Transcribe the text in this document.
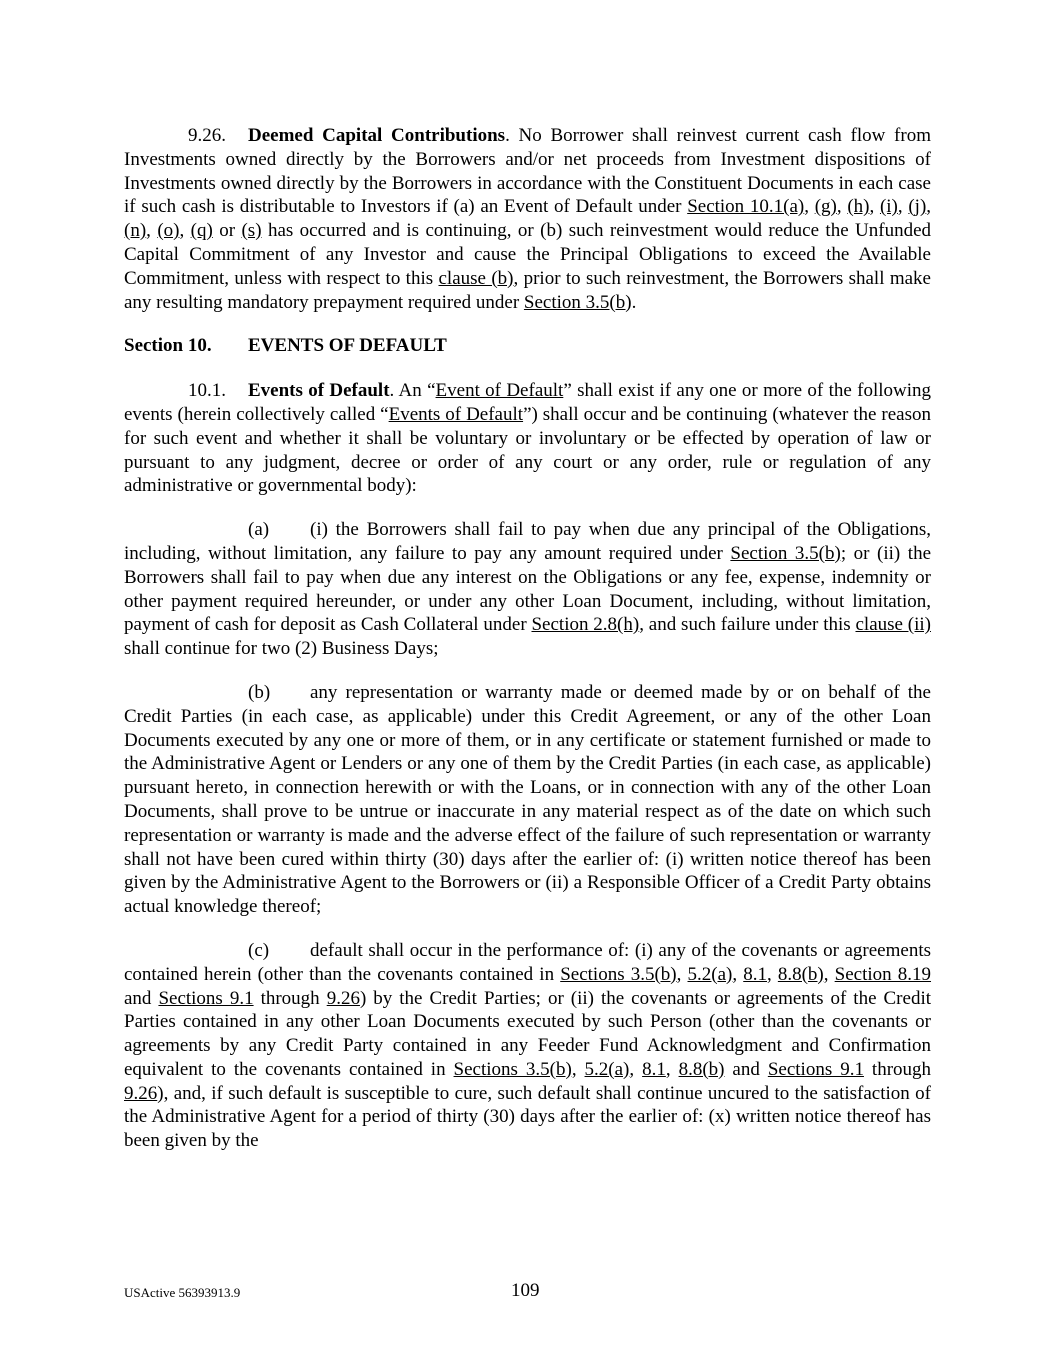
9.26. Deemed Capital Contributions. No Borrower shall reinvest current cash flow from Investments owned directly by the Borrowers and/or net proceeds from Investment dispositions of Investments owned directly by the Borrowers in accordance with the Constituent Documents in each case if such cash is distributable to Investors if (a) an Event of Default under Section 10.1(a), (g), (h), (i), (j), (n), (o), (q) or (s) has occurred and is continuing, or (b) such reinvestment would reduce the Unfunded Capital Commitment of any Investor and cause the Principal Obligations to exceed the Available Commitment, unless with respect to this clause (b), prior to such reinvestment, the Borrowers shall make any resulting mandatory prepayment required under Section 3.5(b).

Section 10. EVENTS OF DEFAULT

10.1. Events of Default. An “Event of Default” shall exist if any one or more of the following events (herein collectively called “Events of Default”) shall occur and be continuing (whatever the reason for such event and whether it shall be voluntary or involuntary or be effected by operation of law or pursuant to any judgment, decree or order of any court or any order, rule or regulation of any administrative or governmental body):

(a) (i) the Borrowers shall fail to pay when due any principal of the Obligations, including, without limitation, any failure to pay any amount required under Section 3.5(b); or (ii) the Borrowers shall fail to pay when due any interest on the Obligations or any fee, expense, indemnity or other payment required hereunder, or under any other Loan Document, including, without limitation, payment of cash for deposit as Cash Collateral under Section 2.8(h), and such failure under this clause (ii) shall continue for two (2) Business Days;

(b) any representation or warranty made or deemed made by or on behalf of the Credit Parties (in each case, as applicable) under this Credit Agreement, or any of the other Loan Documents executed by any one or more of them, or in any certificate or statement furnished or made to the Administrative Agent or Lenders or any one of them by the Credit Parties (in each case, as applicable) pursuant hereto, in connection herewith or with the Loans, or in connection with any of the other Loan Documents, shall prove to be untrue or inaccurate in any material respect as of the date on which such representation or warranty is made and the adverse effect of the failure of such representation or warranty shall not have been cured within thirty (30) days after the earlier of: (i) written notice thereof has been given by the Administrative Agent to the Borrowers or (ii) a Responsible Officer of a Credit Party obtains actual knowledge thereof;

(c) default shall occur in the performance of: (i) any of the covenants or agreements contained herein (other than the covenants contained in Sections 3.5(b), 5.2(a), 8.1, 8.8(b), Section 8.19 and Sections 9.1 through 9.26) by the Credit Parties; or (ii) the covenants or agreements of the Credit Parties contained in any other Loan Documents executed by such Person (other than the covenants or agreements by any Credit Party contained in any Feeder Fund Acknowledgment and Confirmation equivalent to the covenants contained in Sections 3.5(b), 5.2(a), 8.1, 8.8(b) and Sections 9.1 through 9.26), and, if such default is susceptible to cure, such default shall continue uncured to the satisfaction of the Administrative Agent for a period of thirty (30) days after the earlier of: (x) written notice thereof has been given by the

USActive 56393913.9	109
